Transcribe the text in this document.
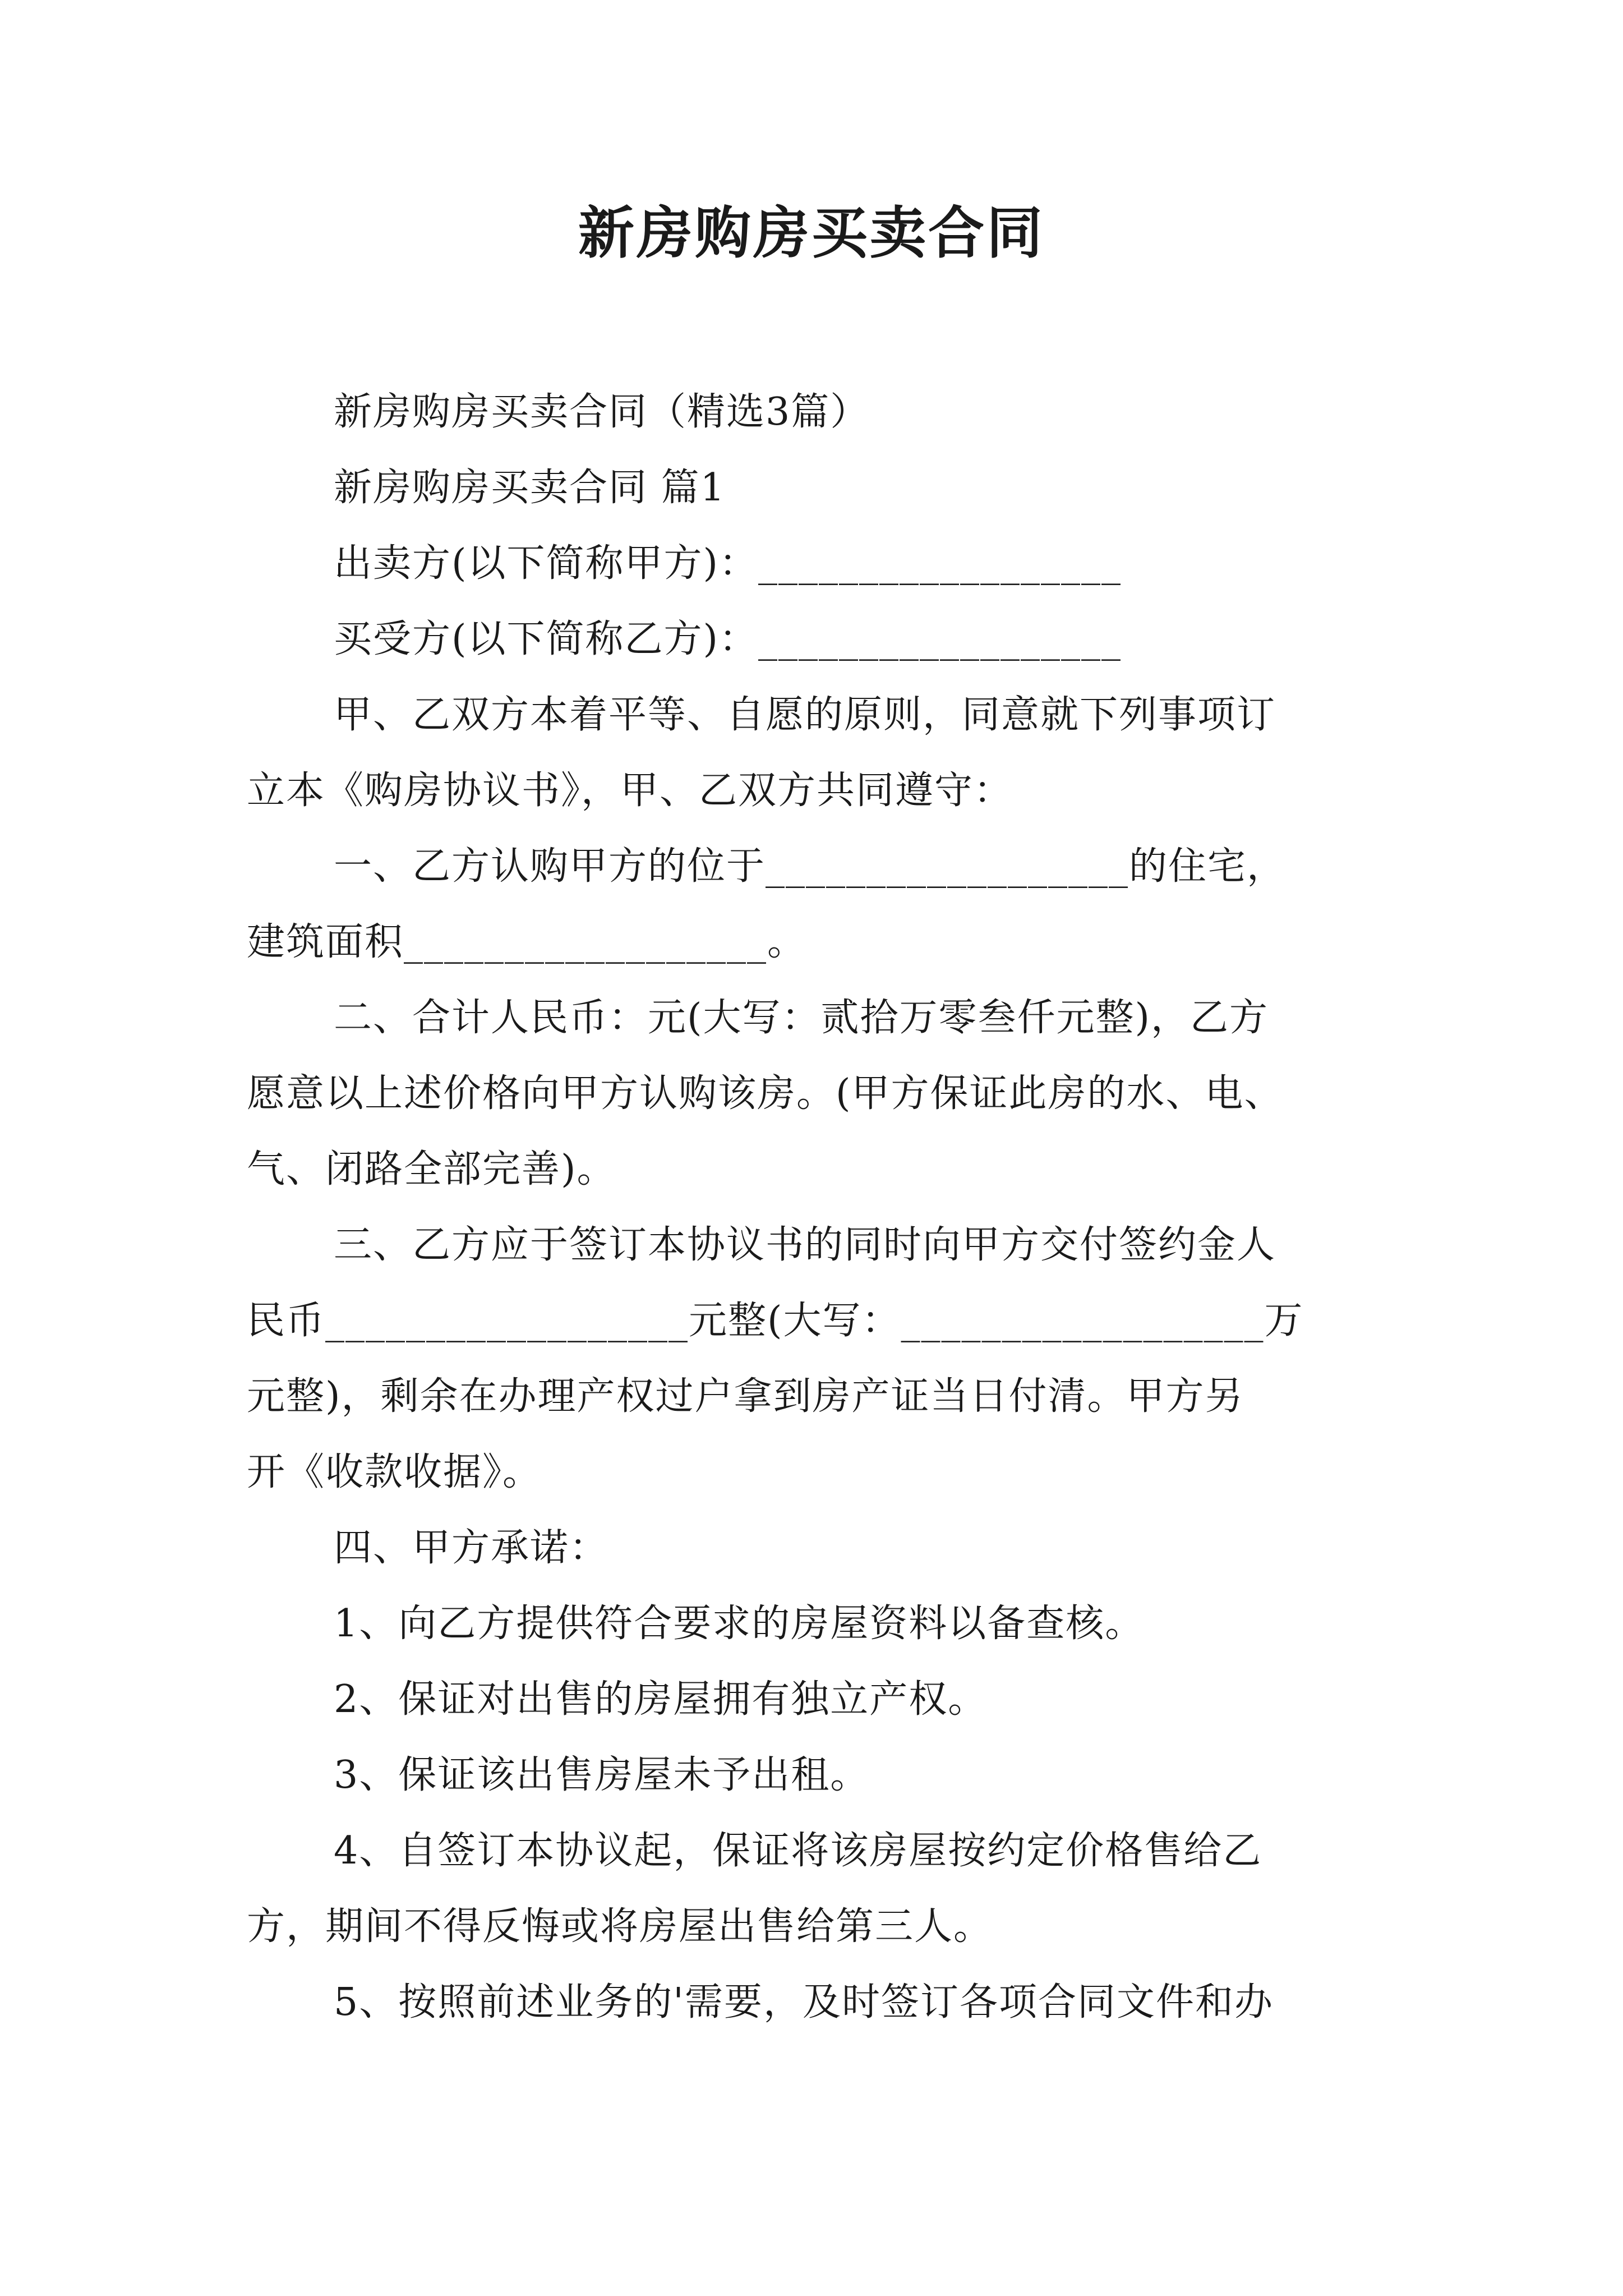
新房购房买卖合同
新房购房买卖合同（精选3篇）
新房购房买卖合同 篇1
出卖方(以下简称甲方)：__________________
买受方(以下简称乙方)：__________________
甲、乙双方本着平等、自愿的原则，同意就下列事项订
立本《购房协议书》，甲、乙双方共同遵守：
一、乙方认购甲方的位于__________________的住宅，
建筑面积__________________。
二、合计人民币：元(大写：贰拾万零叁仟元整)，乙方
愿意以上述价格向甲方认购该房。(甲方保证此房的水、电、
气、闭路全部完善)。
三、乙方应于签订本协议书的同时向甲方交付签约金人
民币__________________元整(大写：__________________万
元整)，剩余在办理产权过户拿到房产证当日付清。甲方另
开《收款收据》。
四、甲方承诺：
1、向乙方提供符合要求的房屋资料以备查核。
2、保证对出售的房屋拥有独立产权。
3、保证该出售房屋未予出租。
4、自签订本协议起，保证将该房屋按约定价格售给乙
方，期间不得反悔或将房屋出售给第三人。
5、按照前述业务的'需要，及时签订各项合同文件和办
